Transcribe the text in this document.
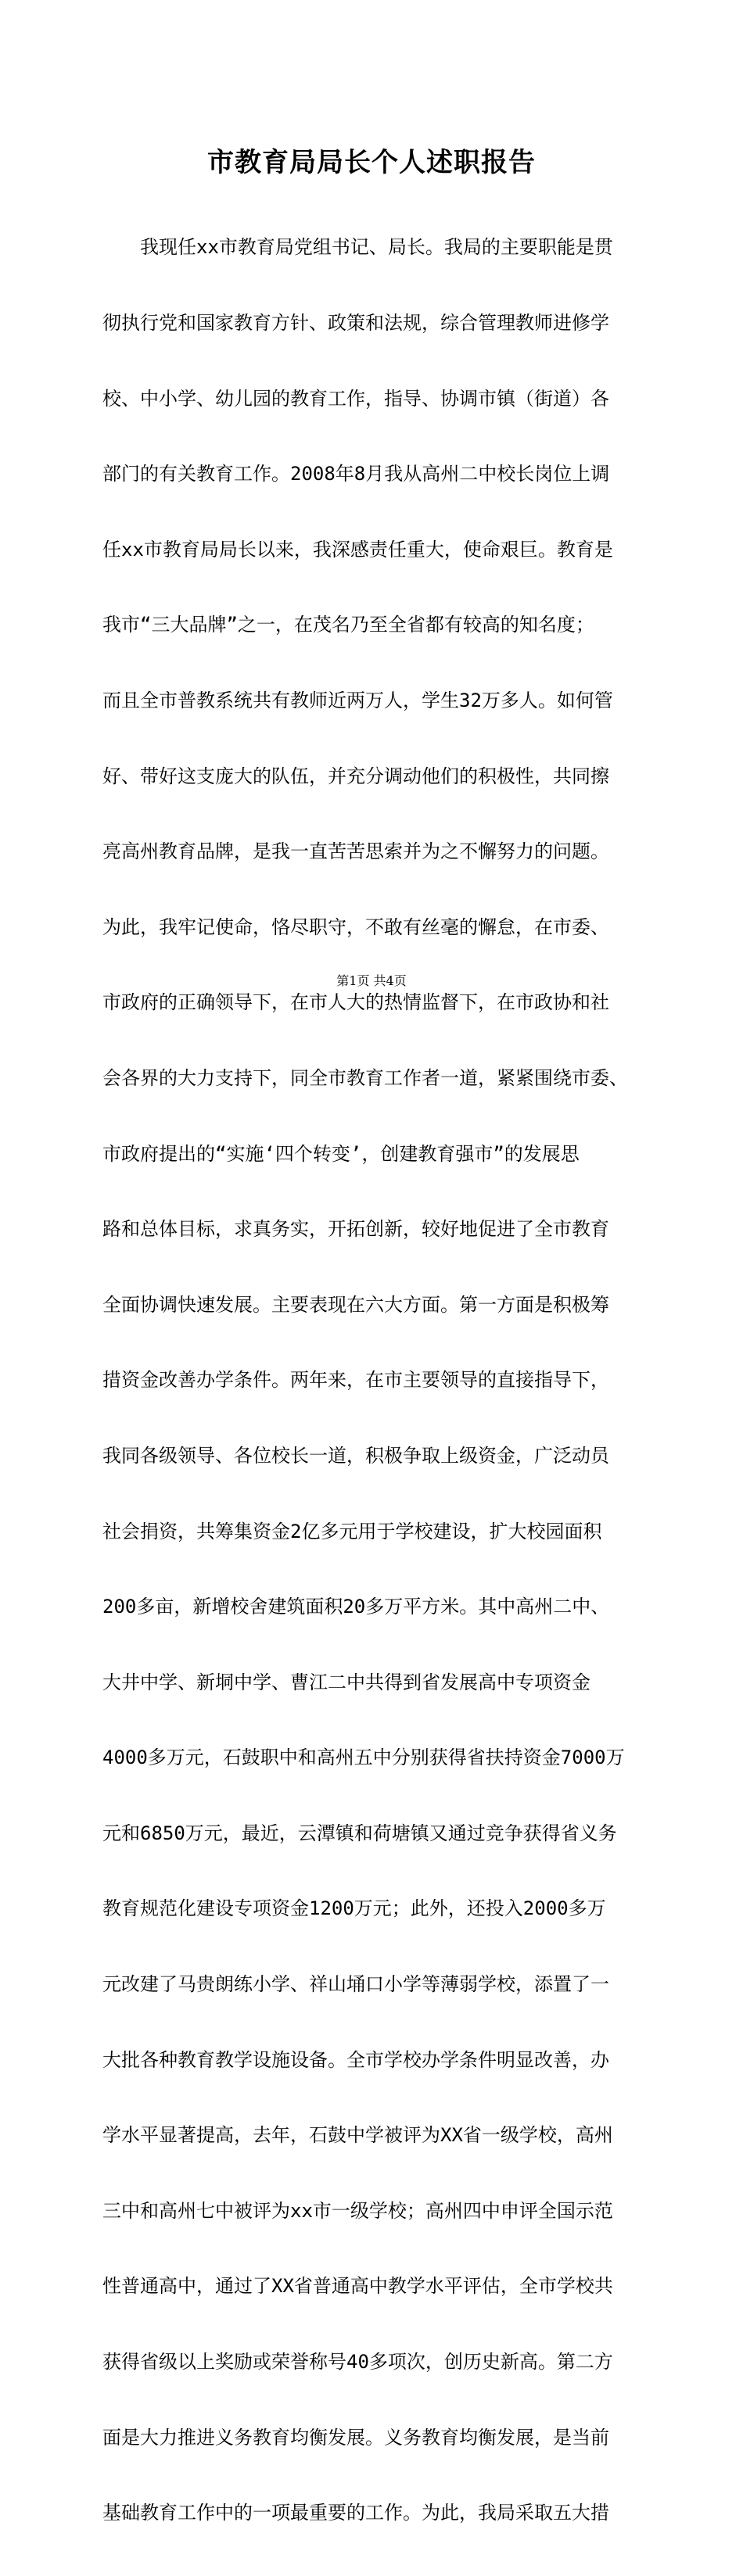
市教育局局长个人述职报告

　　我现任xx市教育局党组书记、局长。我局的主要职能是贯

彻执行党和国家教育方针、政策和法规，综合管理教师进修学

校、中小学、幼儿园的教育工作，指导、协调市镇（街道）各

部门的有关教育工作。2008年8月我从高州二中校长岗位上调

任xx市教育局局长以来，我深感责任重大，使命艰巨。教育是

我市“三大品牌”之一，在茂名乃至全省都有较高的知名度；

而且全市普教系统共有教师近两万人，学生32万多人。如何管

好、带好这支庞大的队伍，并充分调动他们的积极性，共同擦

亮高州教育品牌，是我一直苦苦思索并为之不懈努力的问题。

为此，我牢记使命，恪尽职守，不敢有丝毫的懈怠，在市委、

市政府的正确领导下，在市人大的热情监督下，在市政协和社

会各界的大力支持下，同全市教育工作者一道，紧紧围绕市委、

市政府提出的“实施‘四个转变’，创建教育强市”的发展思

路和总体目标，求真务实，开拓创新，较好地促进了全市教育

全面协调快速发展。主要表现在六大方面。第一方面是积极筹

措资金改善办学条件。两年来，在市主要领导的直接指导下，

我同各级领导、各位校长一道，积极争取上级资金，广泛动员

社会捐资，共筹集资金2亿多元用于学校建设，扩大校园面积

200多亩，新增校舍建筑面积20多万平方米。其中高州二中、

大井中学、新垌中学、曹江二中共得到省发展高中专项资金

4000多万元，石鼓职中和高州五中分别获得省扶持资金7000万

元和6850万元，最近，云潭镇和荷塘镇又通过竞争获得省义务

教育规范化建设专项资金1200万元；此外，还投入2000多万

元改建了马贵朗练小学、祥山埇口小学等薄弱学校，添置了一

大批各种教育教学设施设备。全市学校办学条件明显改善，办

学水平显著提高，去年，石鼓中学被评为XX省一级学校，高州

三中和高州七中被评为xx市一级学校；高州四中申评全国示范

性普通高中，通过了XX省普通高中教学水平评估，全市学校共

获得省级以上奖励或荣誉称号40多项次，创历史新高。第二方

面是大力推进义务教育均衡发展。义务教育均衡发展，是当前

基础教育工作中的一项最重要的工作。为此，我局采取五大措

第1页 共4页
